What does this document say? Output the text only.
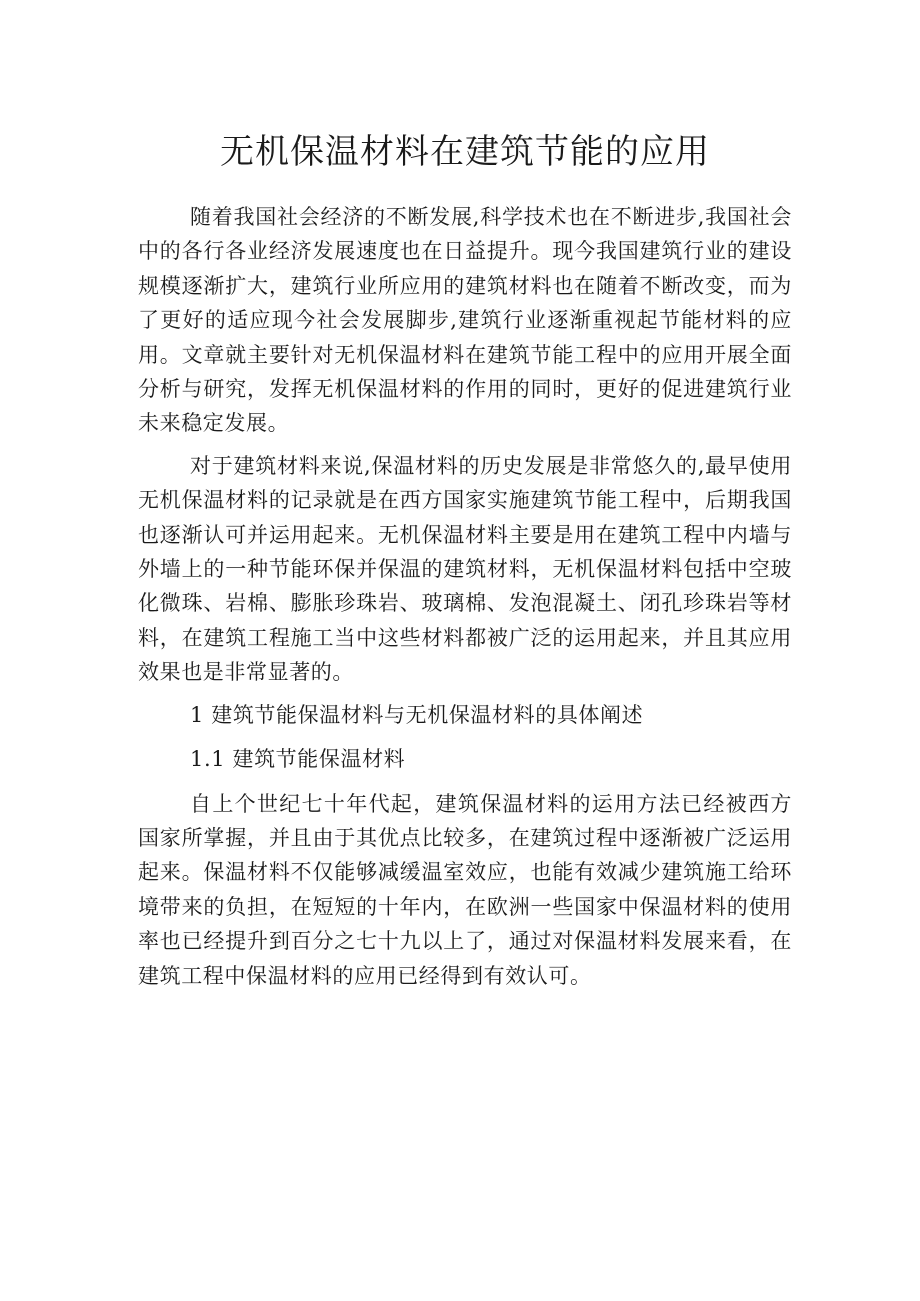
无机保温材料在建筑节能的应用

随着我国社会经济的不断发展,科学技术也在不断进步,我国社会中的各行各业经济发展速度也在日益提升。现今我国建筑行业的建设规模逐渐扩大，建筑行业所应用的建筑材料也在随着不断改变，而为了更好的适应现今社会发展脚步,建筑行业逐渐重视起节能材料的应用。文章就主要针对无机保温材料在建筑节能工程中的应用开展全面分析与研究，发挥无机保温材料的作用的同时，更好的促进建筑行业未来稳定发展。

对于建筑材料来说,保温材料的历史发展是非常悠久的,最早使用无机保温材料的记录就是在西方国家实施建筑节能工程中，后期我国也逐渐认可并运用起来。无机保温材料主要是用在建筑工程中内墙与外墙上的一种节能环保并保温的建筑材料，无机保温材料包括中空玻化微珠、岩棉、膨胀珍珠岩、玻璃棉、发泡混凝土、闭孔珍珠岩等材料，在建筑工程施工当中这些材料都被广泛的运用起来，并且其应用效果也是非常显著的。

1 建筑节能保温材料与无机保温材料的具体阐述

1.1 建筑节能保温材料

自上个世纪七十年代起，建筑保温材料的运用方法已经被西方国家所掌握，并且由于其优点比较多，在建筑过程中逐渐被广泛运用起来。保温材料不仅能够减缓温室效应，也能有效减少建筑施工给环境带来的负担，在短短的十年内，在欧洲一些国家中保温材料的使用率也已经提升到百分之七十九以上了，通过对保温材料发展来看，在建筑工程中保温材料的应用已经得到有效认可。
